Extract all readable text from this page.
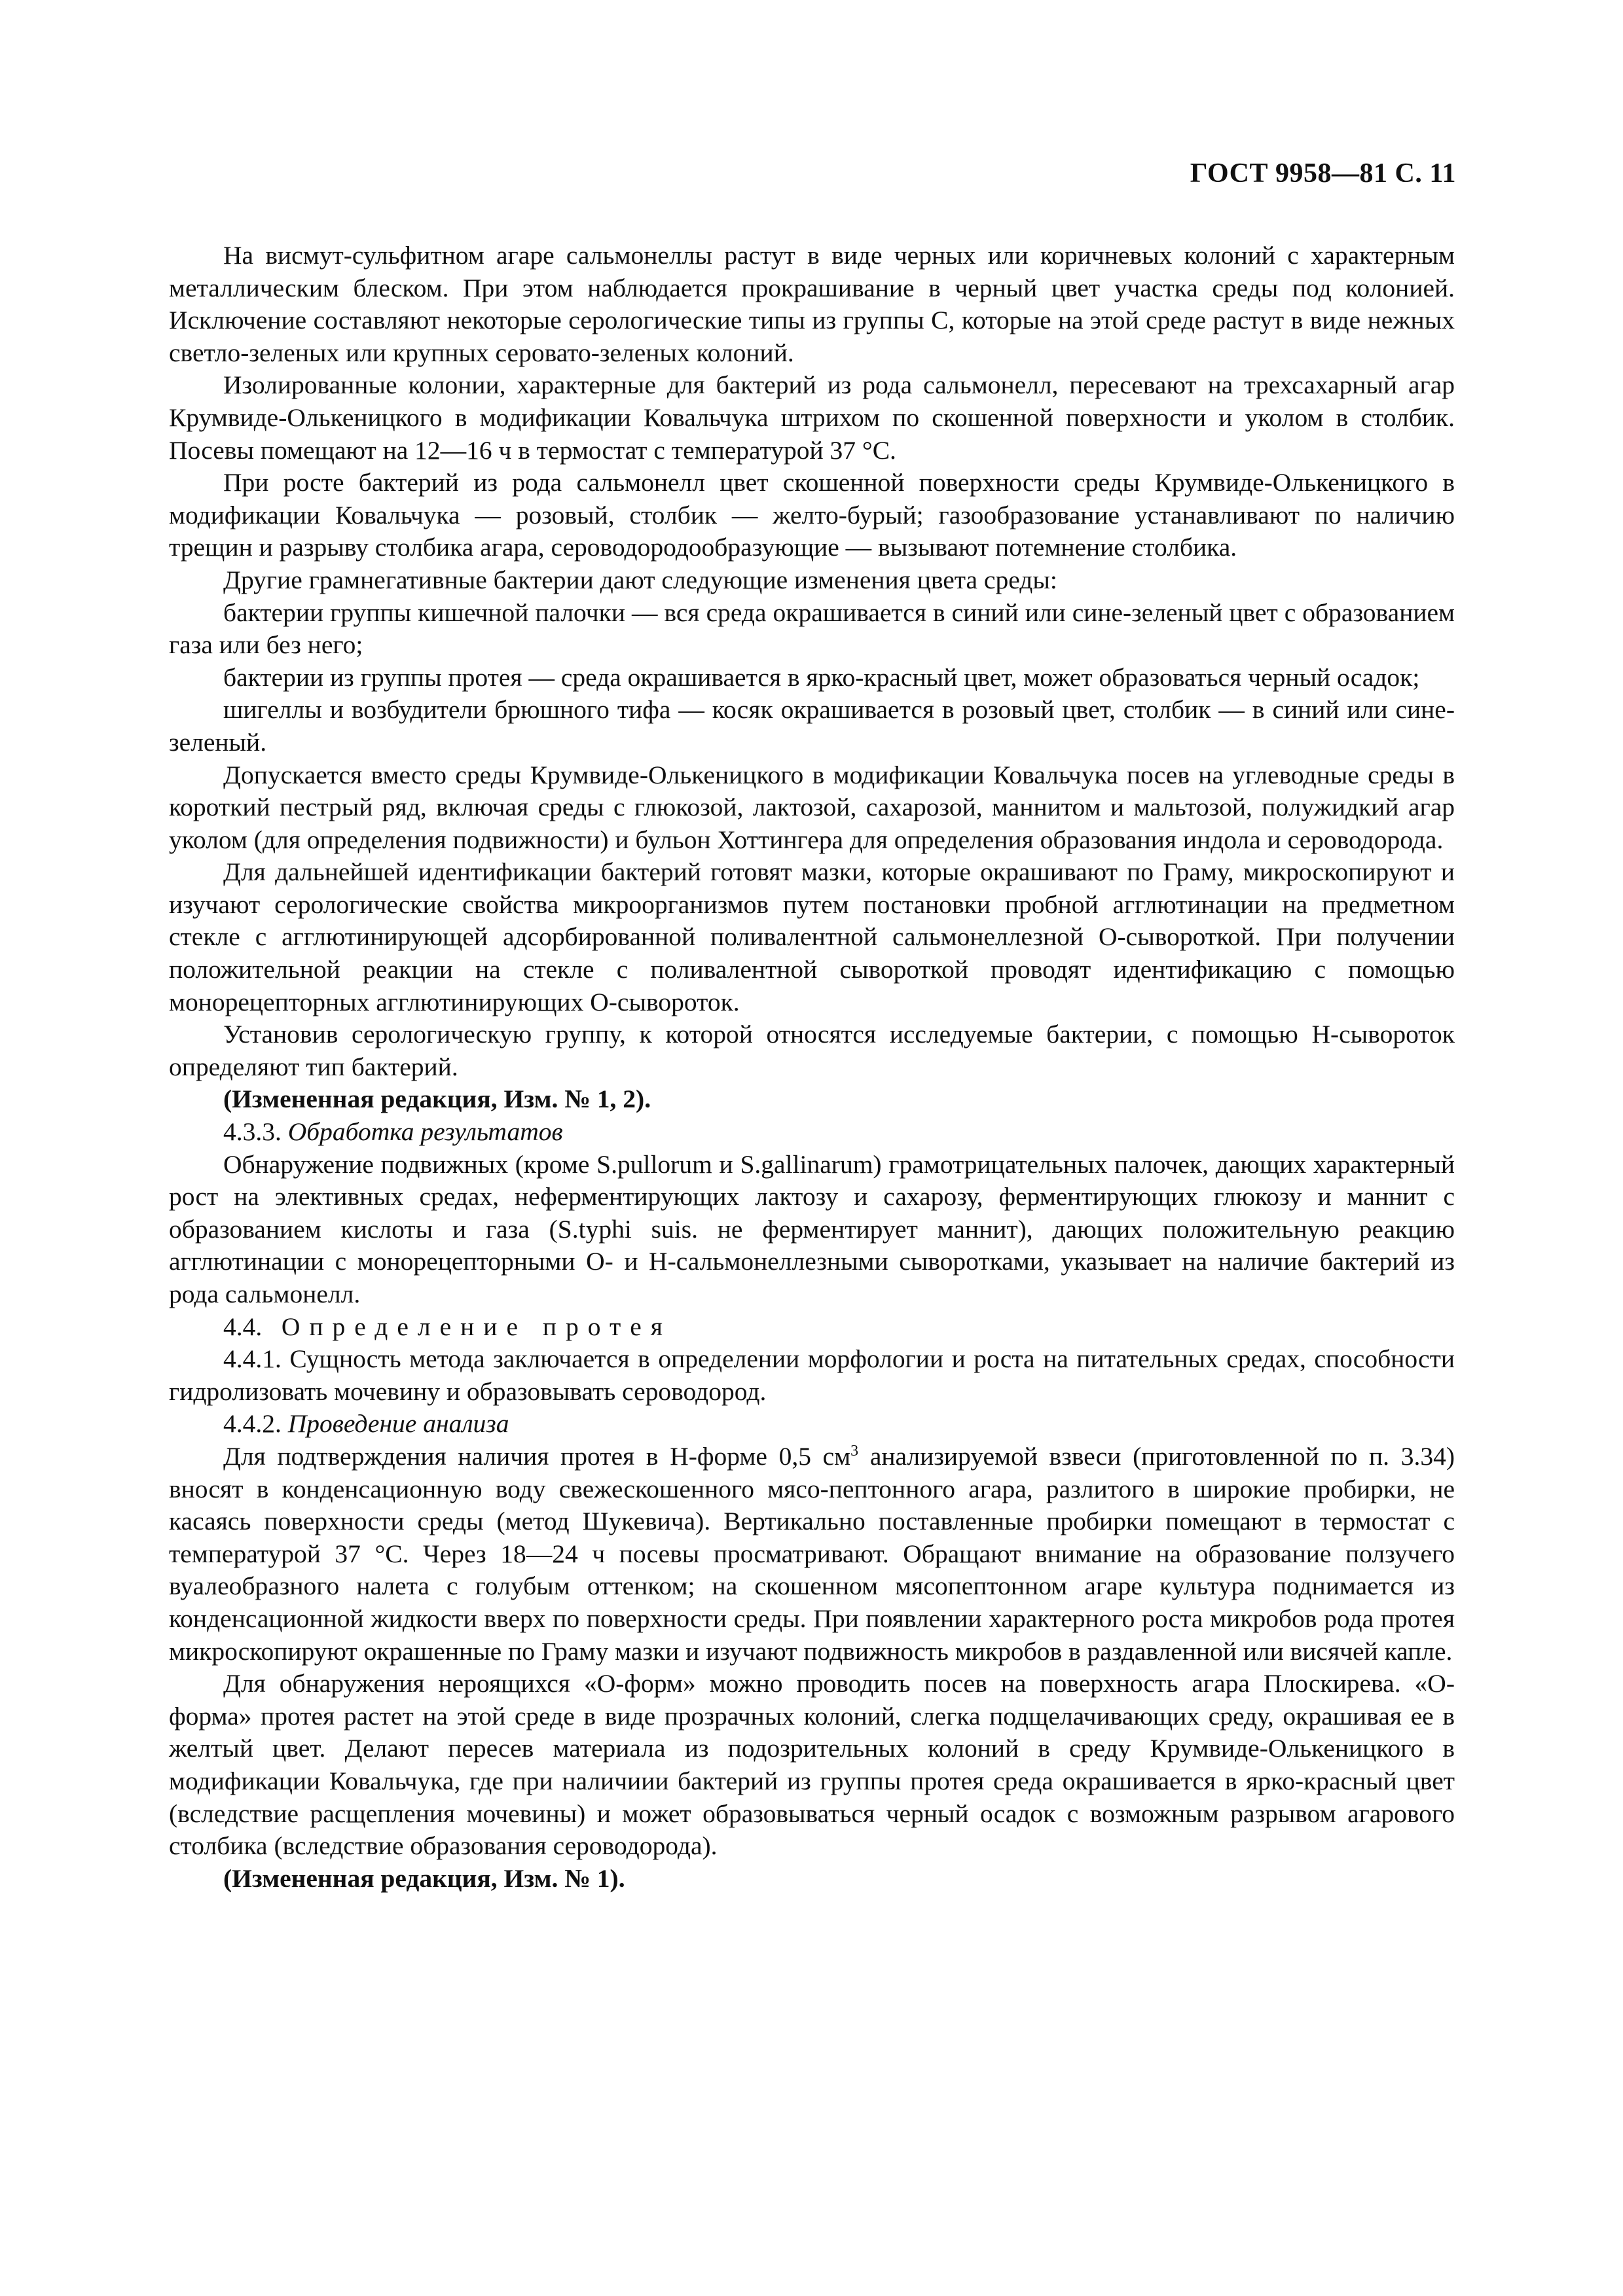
ГОСТ 9958—81 С. 11

На висмут-сульфитном агаре сальмонеллы растут в виде черных или коричневых колоний с характерным металлическим блеском. При этом наблюдается прокрашивание в черный цвет участка среды под колонией. Исключение составляют некоторые серологические типы из группы С, которые на этой среде растут в виде нежных светло-зеленых или крупных серовато-зеленых колоний.

Изолированные колонии, характерные для бактерий из рода сальмонелл, пересевают на трехсахарный агар Крумвиде-Олькеницкого в модификации Ковальчука штрихом по скошенной поверхности и уколом в столбик. Посевы помещают на 12—16 ч в термостат с температурой 37 °С.

При росте бактерий из рода сальмонелл цвет скошенной поверхности среды Крумвиде-Олькеницкого в модификации Ковальчука — розовый, столбик — желто-бурый; газообразование устанавливают по наличию трещин и разрыву столбика агара, сероводородообразующие — вызывают потемнение столбика.

Другие грамнегативные бактерии дают следующие изменения цвета среды:

бактерии группы кишечной палочки — вся среда окрашивается в синий или сине-зеленый цвет с образованием газа или без него;

бактерии из группы протея — среда окрашивается в ярко-красный цвет, может образоваться черный осадок;

шигеллы и возбудители брюшного тифа — косяк окрашивается в розовый цвет, столбик — в синий или сине-зеленый.

Допускается вместо среды Крумвиде-Олькеницкого в модификации Ковальчука посев на углеводные среды в короткий пестрый ряд, включая среды с глюкозой, лактозой, сахарозой, маннитом и мальтозой, полужидкий агар уколом (для определения подвижности) и бульон Хоттингера для определения образования индола и сероводорода.

Для дальнейшей идентификации бактерий готовят мазки, которые окрашивают по Граму, микроскопируют и изучают серологические свойства микроорганизмов путем постановки пробной агглютинации на предметном стекле с агглютинирующей адсорбированной поливалентной сальмонеллезной О-сывороткой. При получении положительной реакции на стекле с поливалентной сывороткой проводят идентификацию с помощью монорецепторных агглютинирующих О-сывороток.

Установив серологическую группу, к которой относятся исследуемые бактерии, с помощью Н-сывороток определяют тип бактерий.

(Измененная редакция, Изм. № 1, 2).

4.3.3. Обработка результатов

Обнаружение подвижных (кроме S.pullorum и S.gallinarum) грамотрицательных палочек, дающих характерный рост на элективных средах, неферментирующих лактозу и сахарозу, ферментирующих глюкозу и маннит с образованием кислоты и газа (S.typhi suis. не ферментирует маннит), дающих положительную реакцию агглютинации с монорецепторными О- и Н-сальмонеллезными сыворотками, указывает на наличие бактерий из рода сальмонелл.

4.4. Определение протея

4.4.1. Сущность метода заключается в определении морфологии и роста на питательных средах, способности гидролизовать мочевину и образовывать сероводород.

4.4.2. Проведение анализа

Для подтверждения наличия протея в Н-форме 0,5 $см^3$ анализируемой взвеси (приготовленной по п. 3.34) вносят в конденсационную воду свежескошенного мясо-пептонного агара, разлитого в широкие пробирки, не касаясь поверхности среды (метод Шукевича). Вертикально поставленные пробирки помещают в термостат с температурой 37 °С. Через 18—24 ч посевы просматривают. Обращают внимание на образование ползучего вуалеобразного налета с голубым оттенком; на скошенном мясопептонном агаре культура поднимается из конденсационной жидкости вверх по поверхности среды. При появлении характерного роста микробов рода протея микроскопируют окрашенные по Граму мазки и изучают подвижность микробов в раздавленной или висячей капле.

Для обнаружения нероящихся «О-форм» можно проводить посев на поверхность агара Плоскирева. «О-форма» протея растет на этой среде в виде прозрачных колоний, слегка подщелачивающих среду, окрашивая ее в желтый цвет. Делают пересев материала из подозрительных колоний в среду Крумвиде-Олькеницкого в модификации Ковальчука, где при наличиии бактерий из группы протея среда окрашивается в ярко-красный цвет (вследствие расщепления мочевины) и может образовываться черный осадок с возможным разрывом агарового столбика (вследствие образования сероводорода).

(Измененная редакция, Изм. № 1).
